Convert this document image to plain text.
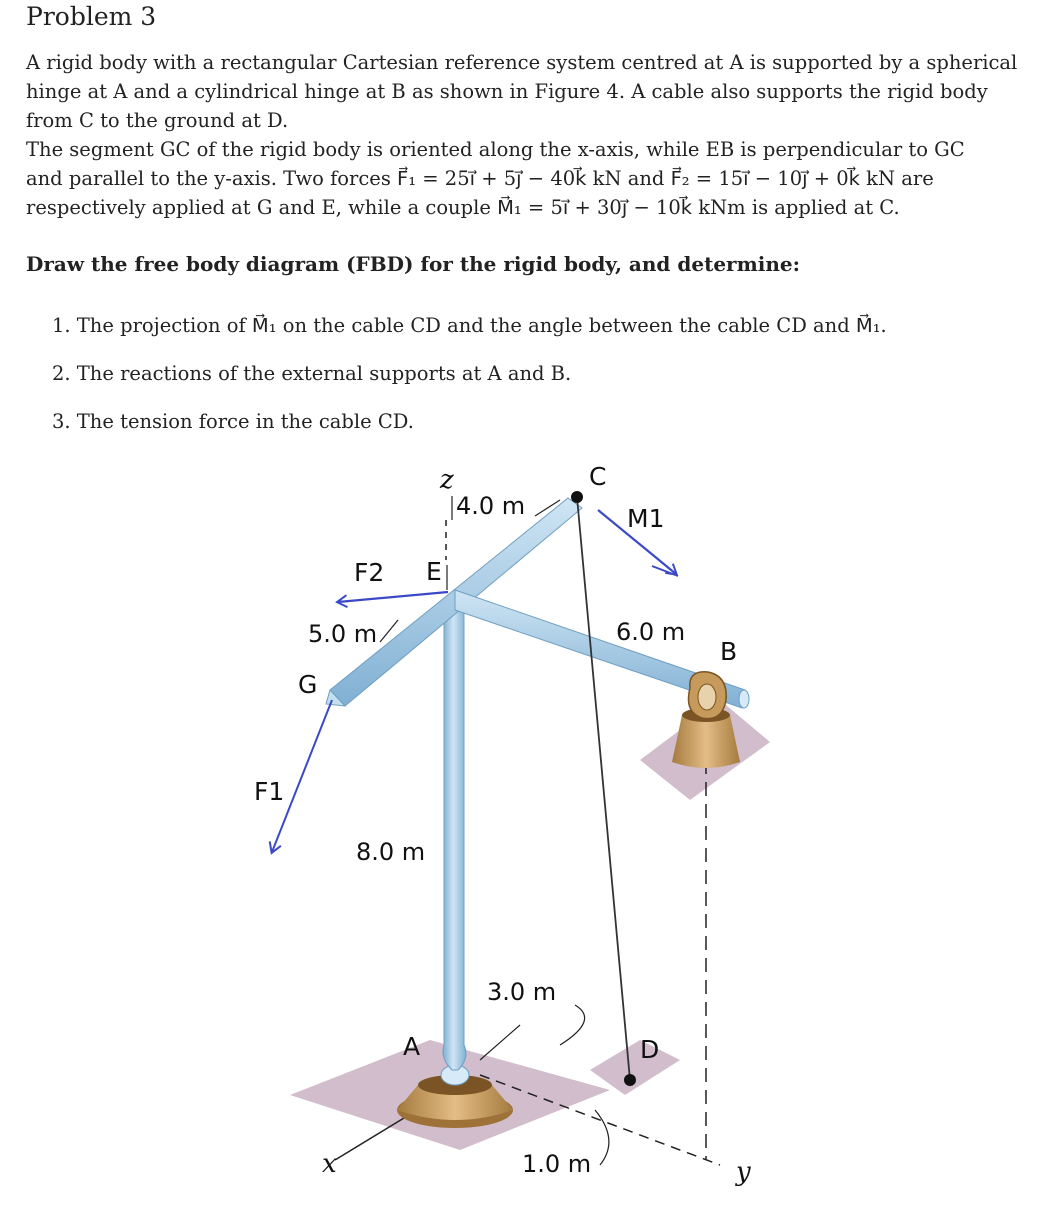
Problem 3
A rigid body with a rectangular Cartesian reference system centred at A is supported by a spherical
hinge at A and a cylindrical hinge at B as shown in Figure 4. A cable also supports the rigid body
from C to the ground at D.
The segment GC of the rigid body is oriented along the x-axis, while EB is perpendicular to GC
and parallel to the y-axis. Two forces F⃗₁ = 25ı⃗ + 5ȷ⃗ − 40k⃗ kN and F⃗₂ = 15ı⃗ − 10ȷ⃗ + 0k⃗ kN are
respectively applied at G and E, while a couple M⃗₁ = 5ı⃗ + 30ȷ⃗ − 10k⃗ kNm is applied at C.
Draw the free body diagram (FBD) for the rigid body, and determine:
1. The projection of M⃗₁ on the cable CD and the angle between the cable CD and M⃗₁.
2. The reactions of the external supports at A and B.
3. The tension force in the cable CD.
z
x	y
C
E
B
G
A	D
F1
F2
M1
4.0 m
5.0 m	6.0 m
8.0 m
3.0 m
1.0 m
